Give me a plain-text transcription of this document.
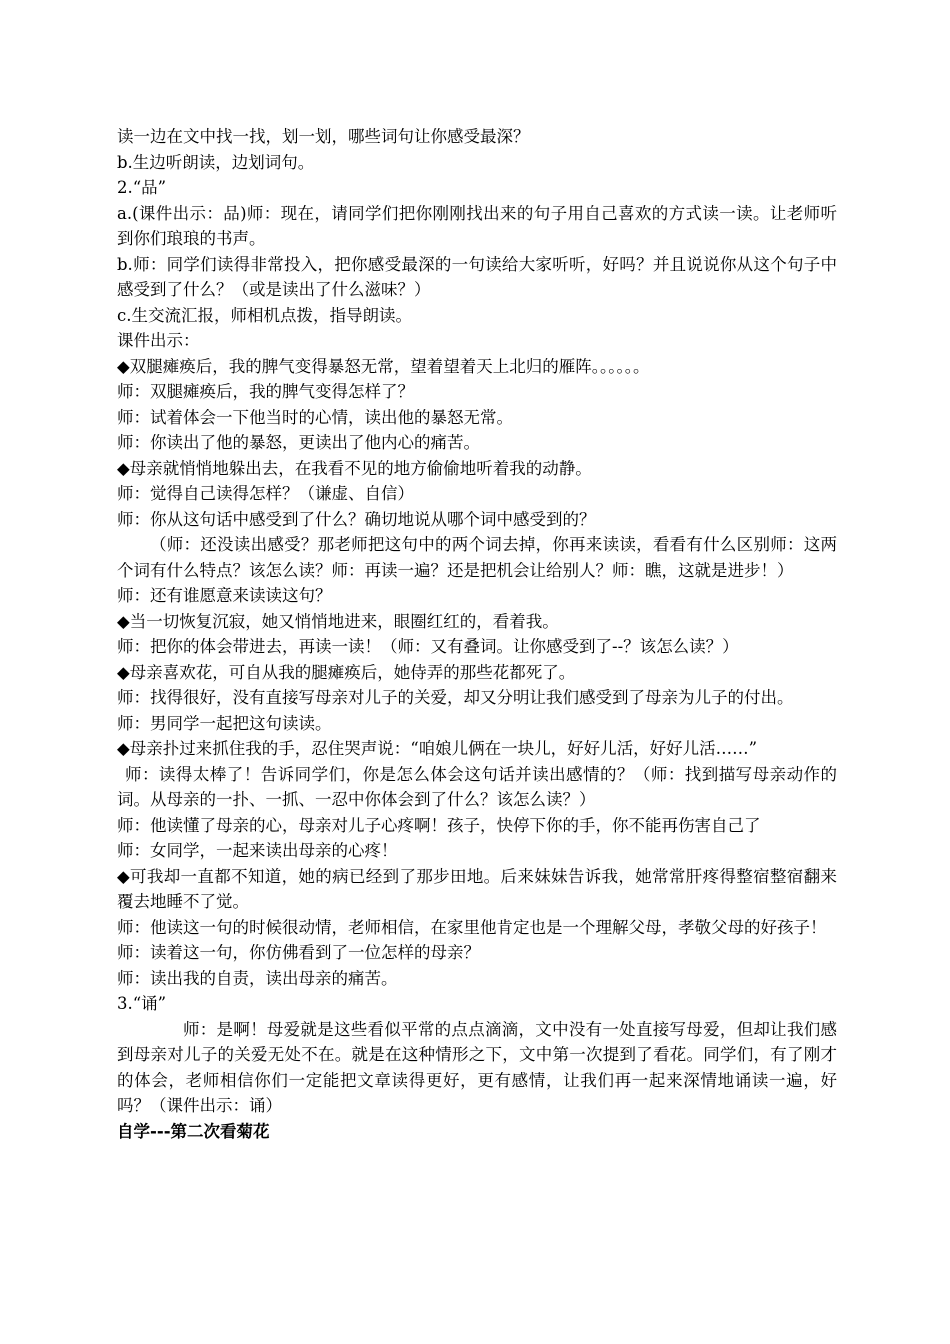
读一边在文中找一找，划一划，哪些词句让你感受最深？

b.生边听朗读，边划词句。

2.“品”

a.(课件出示：品)师：现在，请同学们把你刚刚找出来的句子用自己喜欢的方式读一读。让老师听到你们琅琅的书声。

b.师：同学们读得非常投入，把你感受最深的一句读给大家听听，好吗？并且说说你从这个句子中感受到了什么？（或是读出了什么滋味？）

c.生交流汇报，师相机点拨，指导朗读。

课件出示：

◆双腿瘫痪后，我的脾气变得暴怒无常，望着望着天上北归的雁阵。。。。。。

师：双腿瘫痪后，我的脾气变得怎样了？

师：试着体会一下他当时的心情，读出他的暴怒无常。

师：你读出了他的暴怒，更读出了他内心的痛苦。

◆母亲就悄悄地躲出去，在我看不见的地方偷偷地听着我的动静。

师：觉得自己读得怎样？（谦虚、自信）

师：你从这句话中感受到了什么？确切地说从哪个词中感受到的？

（师：还没读出感受？那老师把这句中的两个词去掉，你再来读读，看看有什么区别师：这两个词有什么特点？该怎么读？师：再读一遍？还是把机会让给别人？师：瞧，这就是进步！）

师：还有谁愿意来读读这句？

◆当一切恢复沉寂，她又悄悄地进来，眼圈红红的，看着我。

师：把你的体会带进去，再读一读！（师：又有叠词。让你感受到了--？该怎么读？）

◆母亲喜欢花，可自从我的腿瘫痪后，她侍弄的那些花都死了。

师：找得很好，没有直接写母亲对儿子的关爱，却又分明让我们感受到了母亲为儿子的付出。

师：男同学一起把这句读读。

◆母亲扑过来抓住我的手，忍住哭声说：“咱娘儿俩在一块儿，好好儿活，好好儿活……”

师：读得太棒了！告诉同学们，你是怎么体会这句话并读出感情的？（师：找到描写母亲动作的词。从母亲的一扑、一抓、一忍中你体会到了什么？该怎么读？）

师：他读懂了母亲的心，母亲对儿子心疼啊！孩子，快停下你的手，你不能再伤害自己了

师：女同学，一起来读出母亲的心疼！

◆可我却一直都不知道，她的病已经到了那步田地。后来妹妹告诉我，她常常肝疼得整宿整宿翻来覆去地睡不了觉。

师：他读这一句的时候很动情，老师相信，在家里他肯定也是一个理解父母，孝敬父母的好孩子！

师：读着这一句，你仿佛看到了一位怎样的母亲？

师：读出我的自责，读出母亲的痛苦。

3.“诵”

师：是啊！母爱就是这些看似平常的点点滴滴，文中没有一处直接写母爱，但却让我们感到母亲对儿子的关爱无处不在。就是在这种情形之下，文中第一次提到了看花。同学们，有了刚才的体会，老师相信你们一定能把文章读得更好，更有感情，让我们再一起来深情地诵读一遍，好吗？（课件出示：诵）

自学---第二次看菊花
